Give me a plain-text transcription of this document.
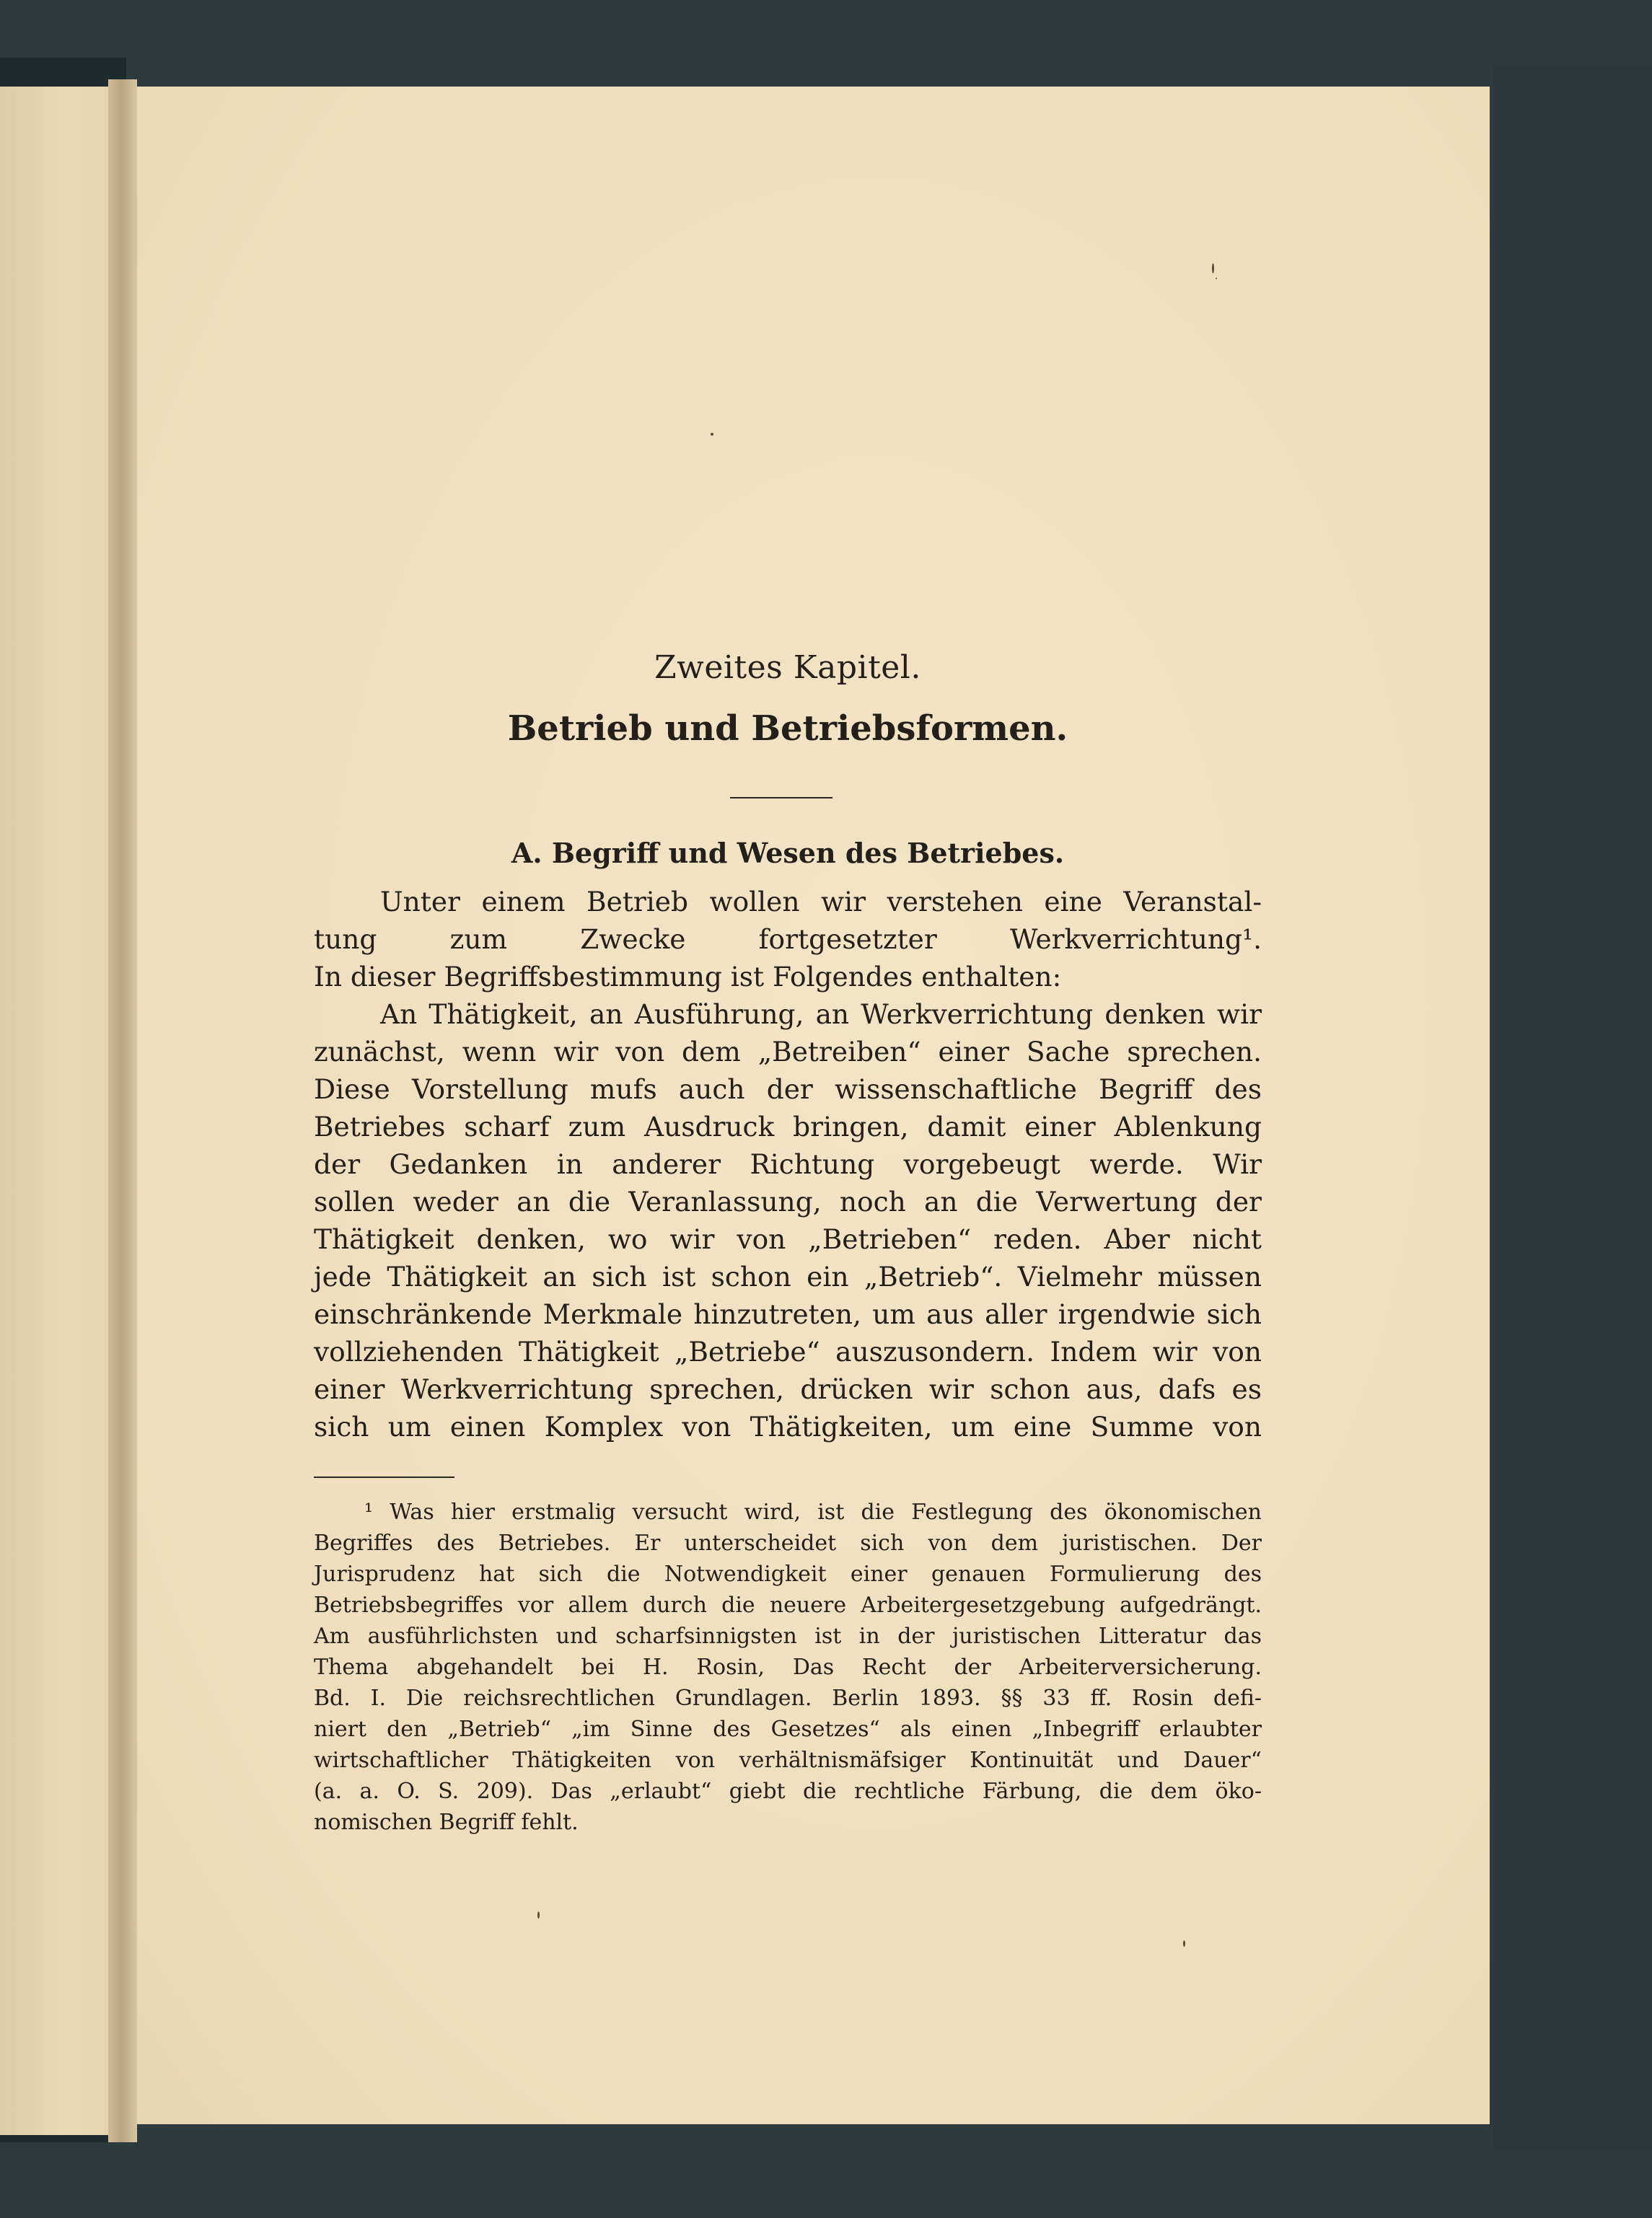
Zweites Kapitel.
Betrieb und Betriebsformen.
A. Begriff und Wesen des Betriebes.
Unter einem Betrieb wollen wir verstehen eine Veranstal-
tung zum Zwecke fortgesetzter Werkverrichtung¹.
In dieser Begriffsbestimmung ist Folgendes enthalten:
An Thätigkeit, an Ausführung, an Werkverrichtung denken wir
zunächst, wenn wir von dem „Betreiben“ einer Sache sprechen.
Diese Vorstellung mufs auch der wissenschaftliche Begriff des
Betriebes scharf zum Ausdruck bringen, damit einer Ablenkung
der Gedanken in anderer Richtung vorgebeugt werde. Wir
sollen weder an die Veranlassung, noch an die Verwertung der
Thätigkeit denken, wo wir von „Betrieben“ reden. Aber nicht
jede Thätigkeit an sich ist schon ein „Betrieb“. Vielmehr müssen
einschränkende Merkmale hinzutreten, um aus aller irgendwie sich
vollziehenden Thätigkeit „Betriebe“ auszusondern. Indem wir von
einer Werkverrichtung sprechen, drücken wir schon aus, dafs es
sich um einen Komplex von Thätigkeiten, um eine Summe von
¹ Was hier erstmalig versucht wird, ist die Festlegung des ökonomischen
Begriffes des Betriebes. Er unterscheidet sich von dem juristischen. Der
Jurisprudenz hat sich die Notwendigkeit einer genauen Formulierung des
Betriebsbegriffes vor allem durch die neuere Arbeitergesetzgebung aufgedrängt.
Am ausführlichsten und scharfsinnigsten ist in der juristischen Litteratur das
Thema abgehandelt bei H. Rosin, Das Recht der Arbeiterversicherung.
Bd. I. Die reichsrechtlichen Grundlagen. Berlin 1893. §§ 33 ff. Rosin defi-
niert den „Betrieb“ „im Sinne des Gesetzes“ als einen „Inbegriff erlaubter
wirtschaftlicher Thätigkeiten von verhältnismäfsiger Kontinuität und Dauer“
(a. a. O. S. 209). Das „erlaubt“ giebt die rechtliche Färbung, die dem öko-
nomischen Begriff fehlt.
